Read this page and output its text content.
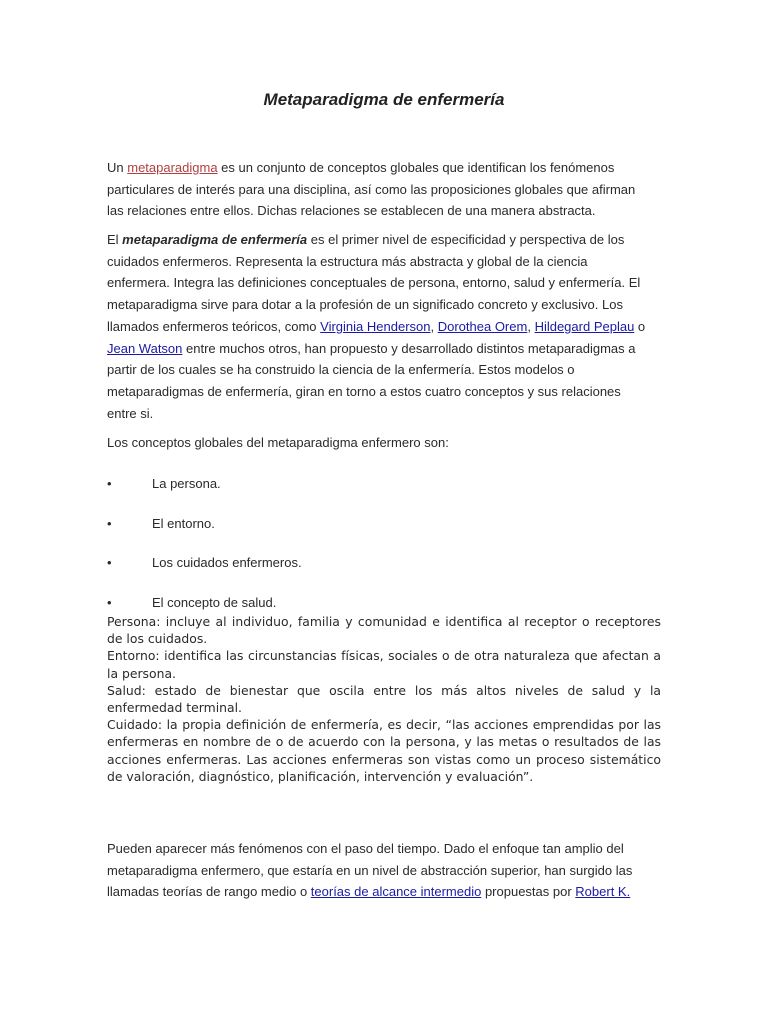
Metaparadigma de enfermería

Un metaparadigma es un conjunto de conceptos globales que identifican los fenómenos particulares de interés para una disciplina, así como las proposiciones globales que afirman las relaciones entre ellos. Dichas relaciones se establecen de una manera abstracta.

El metaparadigma de enfermería es el primer nivel de especificidad y perspectiva de los cuidados enfermeros. Representa la estructura más abstracta y global de la ciencia enfermera. Integra las definiciones conceptuales de persona, entorno, salud y enfermería. El metaparadigma sirve para dotar a la profesión de un significado concreto y exclusivo. Los llamados enfermeros teóricos, como Virginia Henderson, Dorothea Orem, Hildegard Peplau o Jean Watson entre muchos otros, han propuesto y desarrollado distintos metaparadigmas a partir de los cuales se ha construido la ciencia de la enfermería. Estos modelos o metaparadigmas de enfermería, giran en torno a estos cuatro conceptos y sus relaciones entre si.

Los conceptos globales del metaparadigma enfermero son:

•	La persona.
•	El entorno.
•	Los cuidados enfermeros.
•	El concepto de salud.

Persona: incluye al individuo, familia y comunidad e identifica al receptor o receptores de los cuidados.

Entorno: identifica las circunstancias físicas, sociales o de otra naturaleza que afectan a la persona.

Salud: estado de bienestar que oscila entre los más altos niveles de salud y la enfermedad terminal.

Cuidado: la propia definición de enfermería, es decir, “las acciones emprendidas por las enfermeras en nombre de o de acuerdo con la persona, y las metas o resultados de las acciones enfermeras. Las acciones enfermeras son vistas como un proceso sistemático de valoración, diagnóstico, planificación, intervención y evaluación”.

Pueden aparecer más fenómenos con el paso del tiempo. Dado el enfoque tan amplio del metaparadigma enfermero, que estaría en un nivel de abstracción superior, han surgido las llamadas teorías de rango medio o teorías de alcance intermedio propuestas por Robert K.
